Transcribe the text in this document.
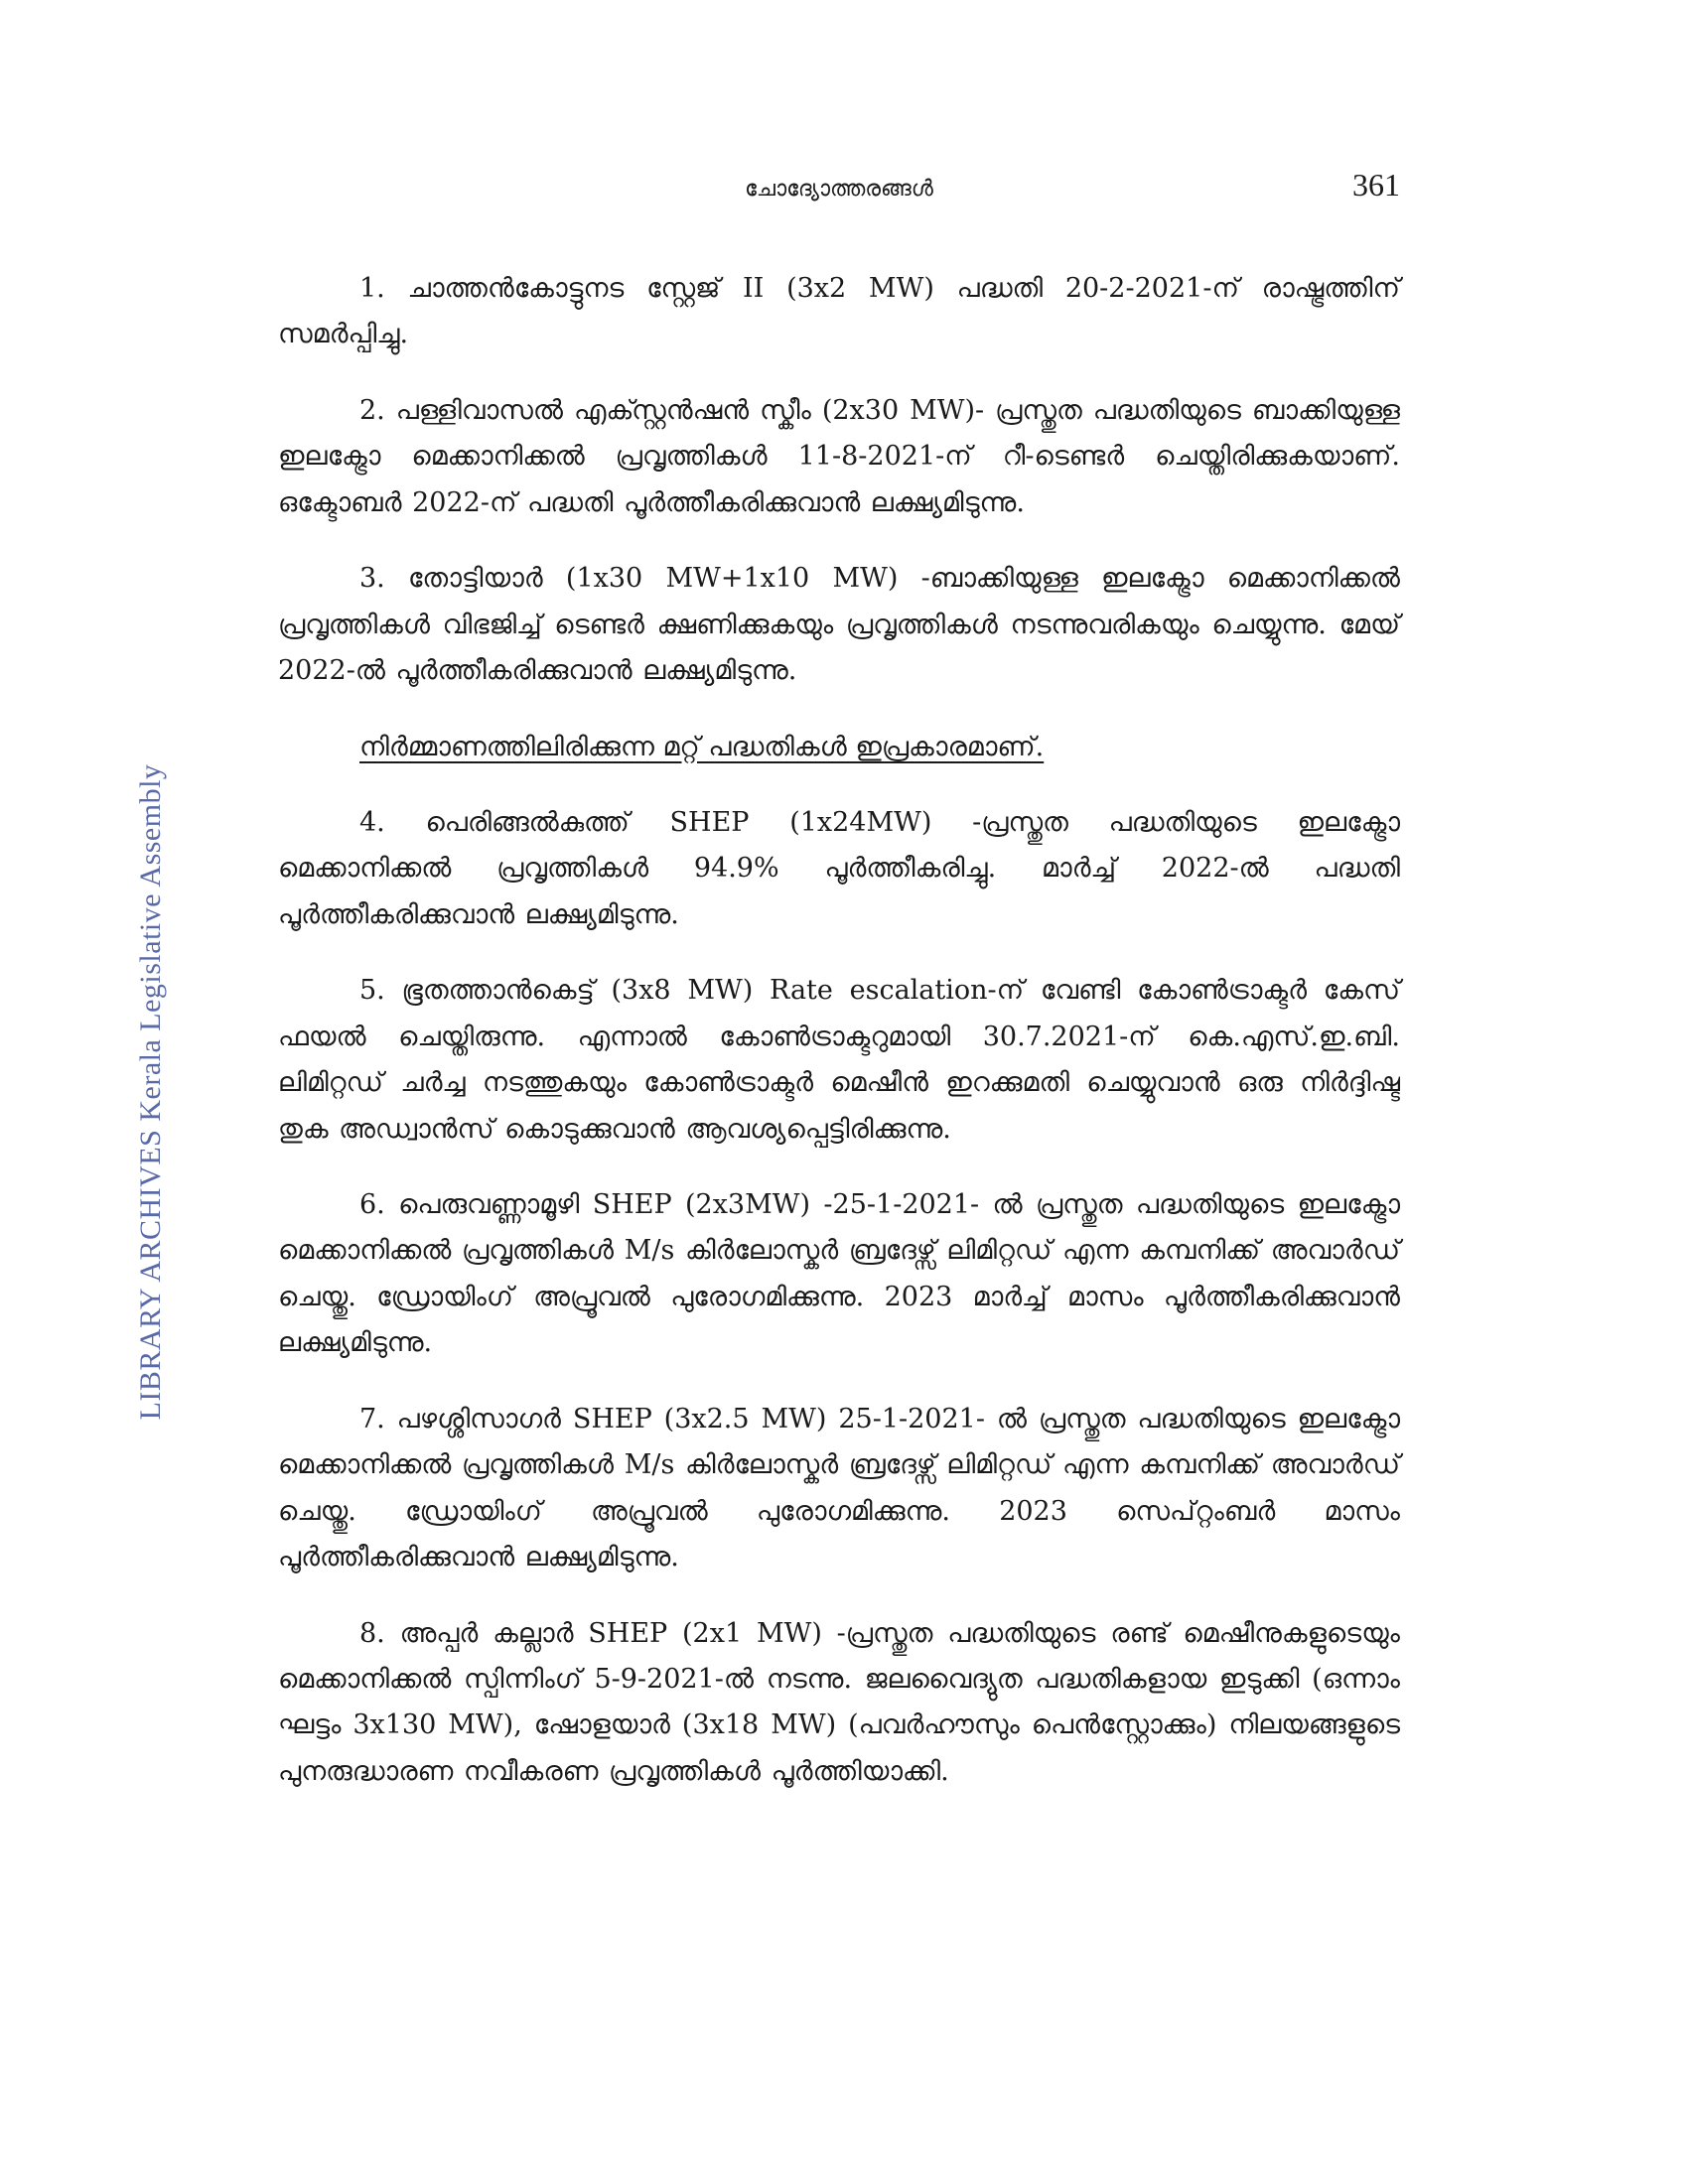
ചോദ്യോത്തരങ്ങൾ	361
LIBRARY ARCHIVES Kerala Legislative Assembly

1. ചാത്തൻകോട്ടുനട സ്റ്റേജ് II (3x2 MW) പദ്ധതി 20-2-2021-ന് രാഷ്ട്രത്തിന് സമർപ്പിച്ചു.

2. പള്ളിവാസൽ എക്സ്റ്റൻഷൻ സ്കീം (2x30 MW)- പ്രസ്തുത പദ്ധതിയുടെ ബാക്കിയുള്ള ഇലക്ട്രോ മെക്കാനിക്കൽ പ്രവൃത്തികൾ 11-8-2021-ന് റീ-ടെണ്ടർ ചെയ്തിരിക്കുകയാണ്. ഒക്ടോബർ 2022-ന് പദ്ധതി പൂർത്തീകരിക്കുവാൻ ലക്ഷ്യമിടുന്നു.

3. തോട്ടിയാർ (1x30 MW+1x10 MW) -ബാക്കിയുള്ള ഇലക്ട്രോ മെക്കാനിക്കൽ പ്രവൃത്തികൾ വിഭജിച്ച് ടെണ്ടർ ക്ഷണിക്കുകയും പ്രവൃത്തികൾ നടന്നുവരികയും ചെയ്യുന്നു. മേയ് 2022-ൽ പൂർത്തീകരിക്കുവാൻ ലക്ഷ്യമിടുന്നു.

നിർമ്മാണത്തിലിരിക്കുന്ന മറ്റ് പദ്ധതികൾ ഇപ്രകാരമാണ്.

4. പെരിങ്ങൽകുത്ത് SHEP (1x24MW) -പ്രസ്തുത പദ്ധതിയുടെ ഇലക്ട്രോ മെക്കാനിക്കൽ പ്രവൃത്തികൾ 94.9% പൂർത്തീകരിച്ചു. മാർച്ച് 2022-ൽ പദ്ധതി പൂർത്തീകരിക്കുവാൻ ലക്ഷ്യമിടുന്നു.

5. ഭൂതത്താൻകെട്ട് (3x8 MW) Rate escalation-ന് വേണ്ടി കോൺട്രാക്ടർ കേസ് ഫയൽ ചെയ്തിരുന്നു. എന്നാൽ കോൺട്രാക്ടറുമായി 30.7.2021-ന് കെ.എസ്.ഇ.ബി. ലിമിറ്റഡ് ചർച്ച നടത്തുകയും കോൺട്രാക്ടർ മെഷീൻ ഇറക്കുമതി ചെയ്യുവാൻ ഒരു നിർദ്ദിഷ്ട തുക അഡ്വാൻസ് കൊടുക്കുവാൻ ആവശ്യപ്പെട്ടിരിക്കുന്നു.

6. പെരുവണ്ണാമൂഴി SHEP (2x3MW) -25-1-2021- ൽ പ്രസ്തുത പദ്ധതിയുടെ ഇലക്ട്രോ മെക്കാനിക്കൽ പ്രവൃത്തികൾ M/s കിർലോസ്കർ ബ്രദേഴ്സ് ലിമിറ്റഡ് എന്ന കമ്പനിക്ക് അവാർഡ് ചെയ്തു. ഡ്രോയിംഗ് അപ്രൂവൽ പുരോഗമിക്കുന്നു. 2023 മാർച്ച് മാസം പൂർത്തീകരിക്കുവാൻ ലക്ഷ്യമിടുന്നു.

7. പഴശ്ശിസാഗർ SHEP (3x2.5 MW) 25-1-2021- ൽ പ്രസ്തുത പദ്ധതിയുടെ ഇലക്ട്രോ മെക്കാനിക്കൽ പ്രവൃത്തികൾ M/s കിർലോസ്കർ ബ്രദേഴ്സ് ലിമിറ്റഡ് എന്ന കമ്പനിക്ക് അവാർഡ് ചെയ്തു. ഡ്രോയിംഗ് അപ്രൂവൽ പുരോഗമിക്കുന്നു. 2023 സെപ്റ്റംബർ മാസം പൂർത്തീകരിക്കുവാൻ ലക്ഷ്യമിടുന്നു.

8. അപ്പർ കല്ലാർ SHEP (2x1 MW) -പ്രസ്തുത പദ്ധതിയുടെ രണ്ട് മെഷീനുകളുടെയും മെക്കാനിക്കൽ സ്പിന്നിംഗ് 5-9-2021-ൽ നടന്നു. ജലവൈദ്യുത പദ്ധതികളായ ഇടുക്കി (ഒന്നാം ഘട്ടം 3x130 MW), ഷോളയാർ (3x18 MW) (പവർഹൗസും പെൻസ്റ്റോക്കും) നിലയങ്ങളുടെ പുനരുദ്ധാരണ നവീകരണ പ്രവൃത്തികൾ പൂർത്തിയാക്കി.
